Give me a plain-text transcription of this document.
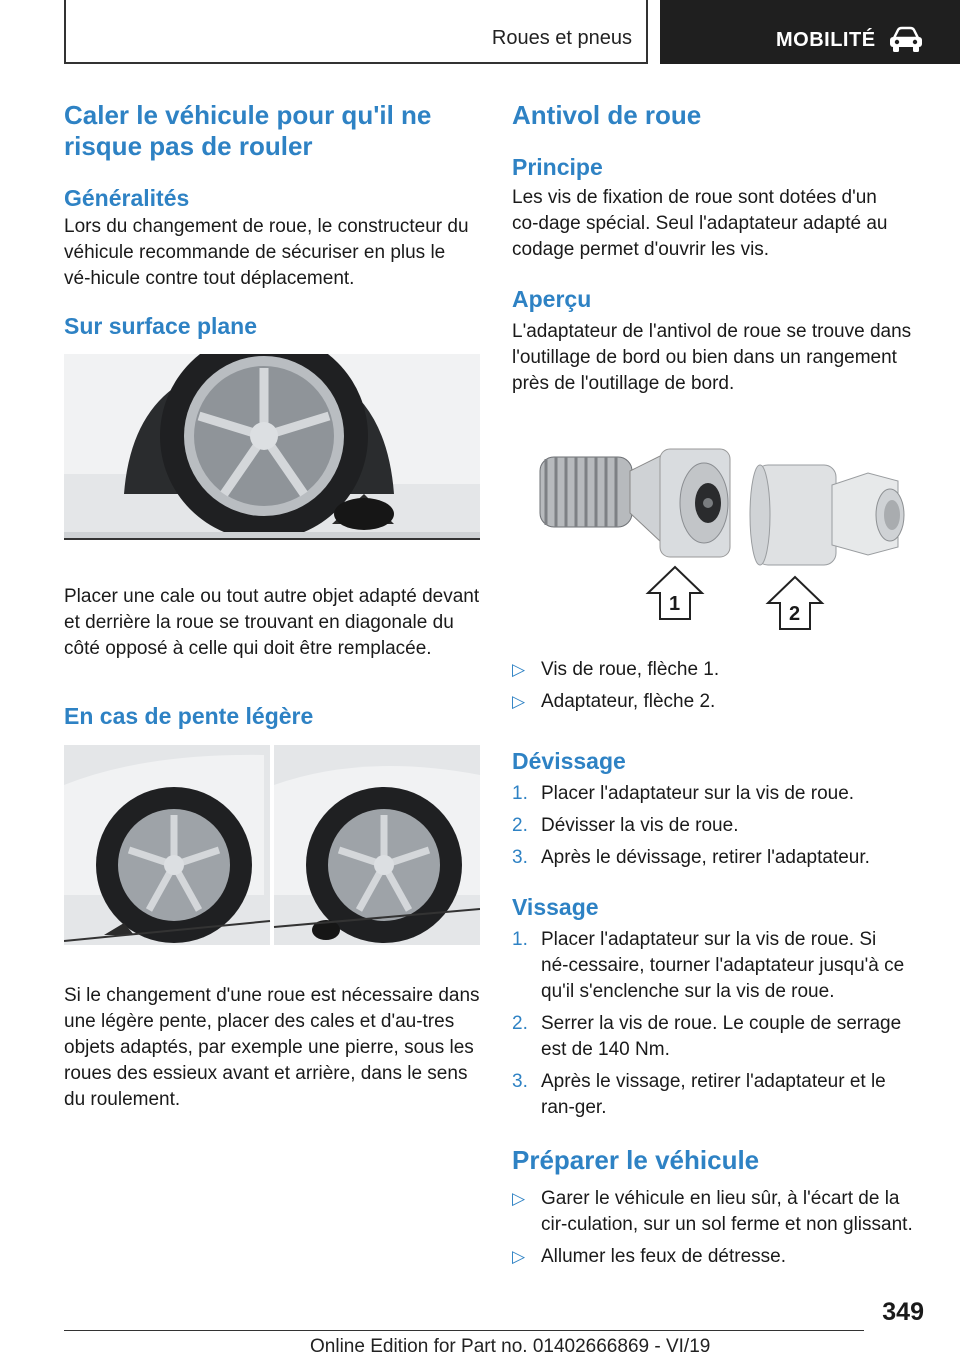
Roues et pneus	MOBILITÉ
Caler le véhicule pour qu'il ne risque pas de rouler
Généralités

Lors du changement de roue, le constructeur du véhicule recommande de sécuriser en plus le vé‑hicule contre tout déplacement.

Sur surface plane

Placer une cale ou tout autre objet adapté devant et derrière la roue se trouvant en diagonale du côté opposé à celle qui doit être remplacée.

En cas de pente légère

Si le changement d'une roue est nécessaire dans une légère pente, placer des cales et d'au‑tres objets adaptés, par exemple une pierre, sous les roues des essieux avant et arrière, dans le sens du roulement.

Antivol de roue
Principe

Les vis de fixation de roue sont dotées d'un co‑dage spécial. Seul l'adaptateur adapté au codage permet d'ouvrir les vis.

Aperçu

L'adaptateur de l'antivol de roue se trouve dans l'outillage de bord ou bien dans un rangement près de l'outillage de bord.

1	2
▷ Vis de roue, flèche 1.
▷ Adaptateur, flèche 2.
Dévissage
1. Placer l'adaptateur sur la vis de roue.
2. Dévisser la vis de roue.
3. Après le dévissage, retirer l'adaptateur.
Vissage
1. Placer l'adaptateur sur la vis de roue. Si né‑cessaire, tourner l'adaptateur jusqu'à ce qu'il s'enclenche sur la vis de roue.
2. Serrer la vis de roue. Le couple de serrage est de 140 Nm.
3. Après le vissage, retirer l'adaptateur et le ran‑ger.
Préparer le véhicule
▷ Garer le véhicule en lieu sûr, à l'écart de la cir‑culation, sur un sol ferme et non glissant.
▷ Allumer les feux de détresse.
349
Online Edition for Part no. 01402666869 - VI/19
